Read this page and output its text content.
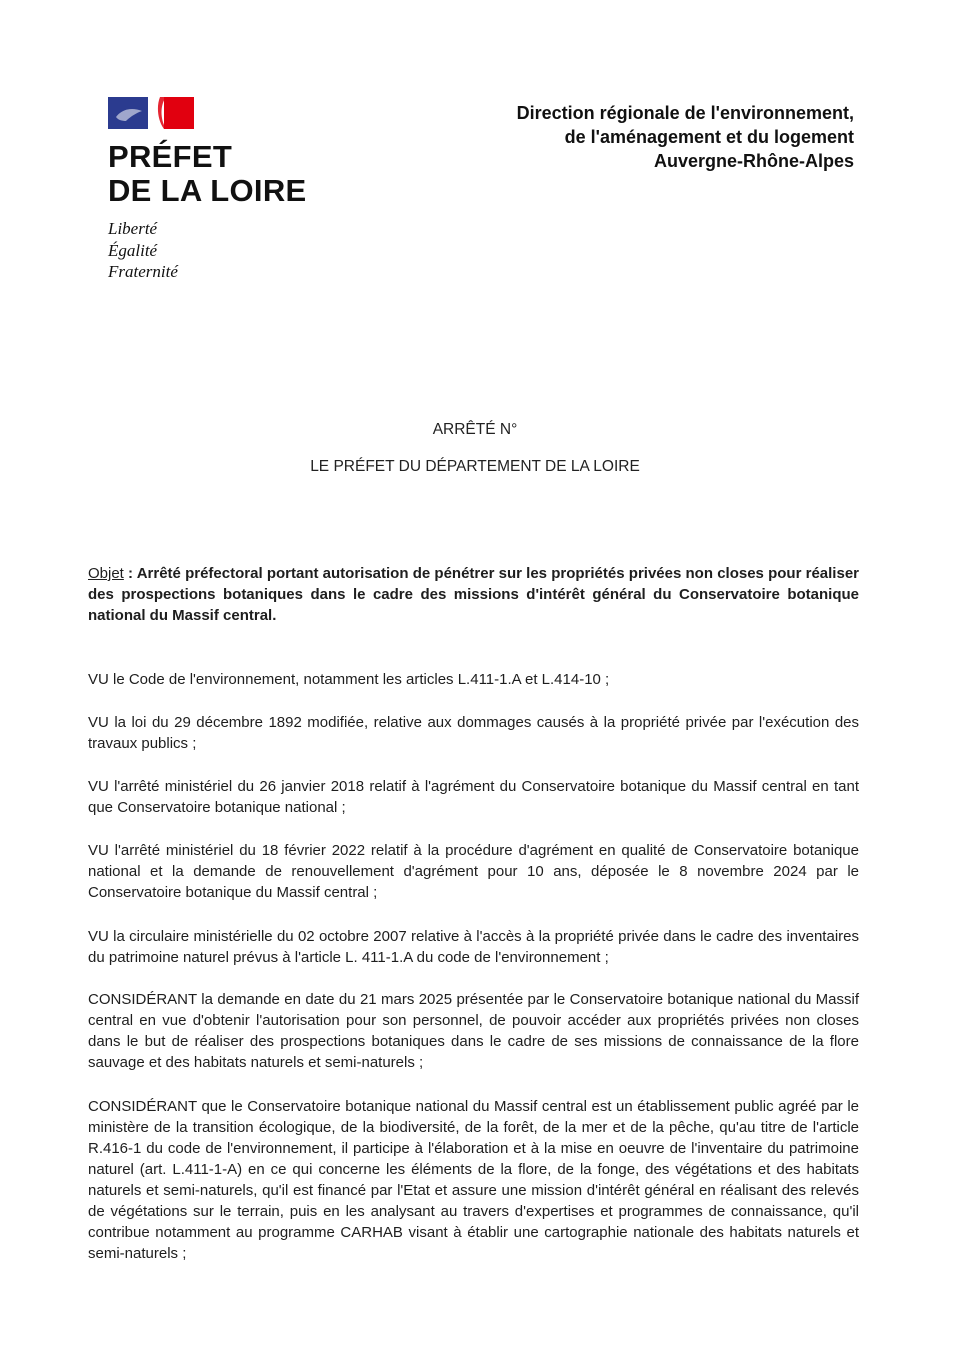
PRÉFET
DE LA LOIRE
Liberté
Égalité
Fraternité
Direction régionale de l'environnement,
de l'aménagement et du logement
Auvergne-Rhône-Alpes
ARRÊTÉ N°
LE PRÉFET DU DÉPARTEMENT DE LA LOIRE

Objet : Arrêté préfectoral portant autorisation de pénétrer sur les propriétés privées non closes pour réaliser des prospections botaniques dans le cadre des missions d'intérêt général du Conservatoire botanique national du Massif central.

VU le Code de l'environnement, notamment les articles L.411-1.A et L.414-10 ;

VU la loi du 29 décembre 1892 modifiée, relative aux dommages causés à la propriété privée par l'exécution des travaux publics ;

VU l'arrêté ministériel du 26 janvier 2018 relatif à l'agrément du Conservatoire botanique du Massif central en tant que Conservatoire botanique national ;

VU l'arrêté ministériel du 18 février 2022 relatif à la procédure d'agrément en qualité de Conservatoire botanique national et la demande de renouvellement d'agrément pour 10 ans, déposée le 8 novembre 2024 par le Conservatoire botanique du Massif central ;

VU la circulaire ministérielle du 02 octobre 2007 relative à l'accès à la propriété privée dans le cadre des inventaires du patrimoine naturel prévus à l'article L. 411-1.A du code de l'environnement ;

CONSIDÉRANT la demande en date du 21 mars 2025 présentée par le Conservatoire botanique national du Massif central en vue d'obtenir l'autorisation pour son personnel, de pouvoir accéder aux propriétés privées non closes dans le but de réaliser des prospections botaniques dans le cadre de ses missions de connaissance de la flore sauvage et des habitats naturels et semi-naturels ;

CONSIDÉRANT que le Conservatoire botanique national du Massif central est un établissement public agréé par le ministère de la transition écologique, de la biodiversité, de la forêt, de la mer et de la pêche, qu'au titre de l'article R.416-1 du code de l'environnement, il participe à l'élaboration et à la mise en oeuvre de l'inventaire du patrimoine naturel (art. L.411-1-A) en ce qui concerne les éléments de la flore, de la fonge, des végétations et des habitats naturels et semi-naturels, qu'il est financé par l'Etat et assure une mission d'intérêt général en réalisant des relevés de végétations sur le terrain, puis en les analysant au travers d'expertises et programmes de connaissance, qu'il contribue notamment au programme CARHAB visant à établir une cartographie nationale des habitats naturels et semi-naturels ;
